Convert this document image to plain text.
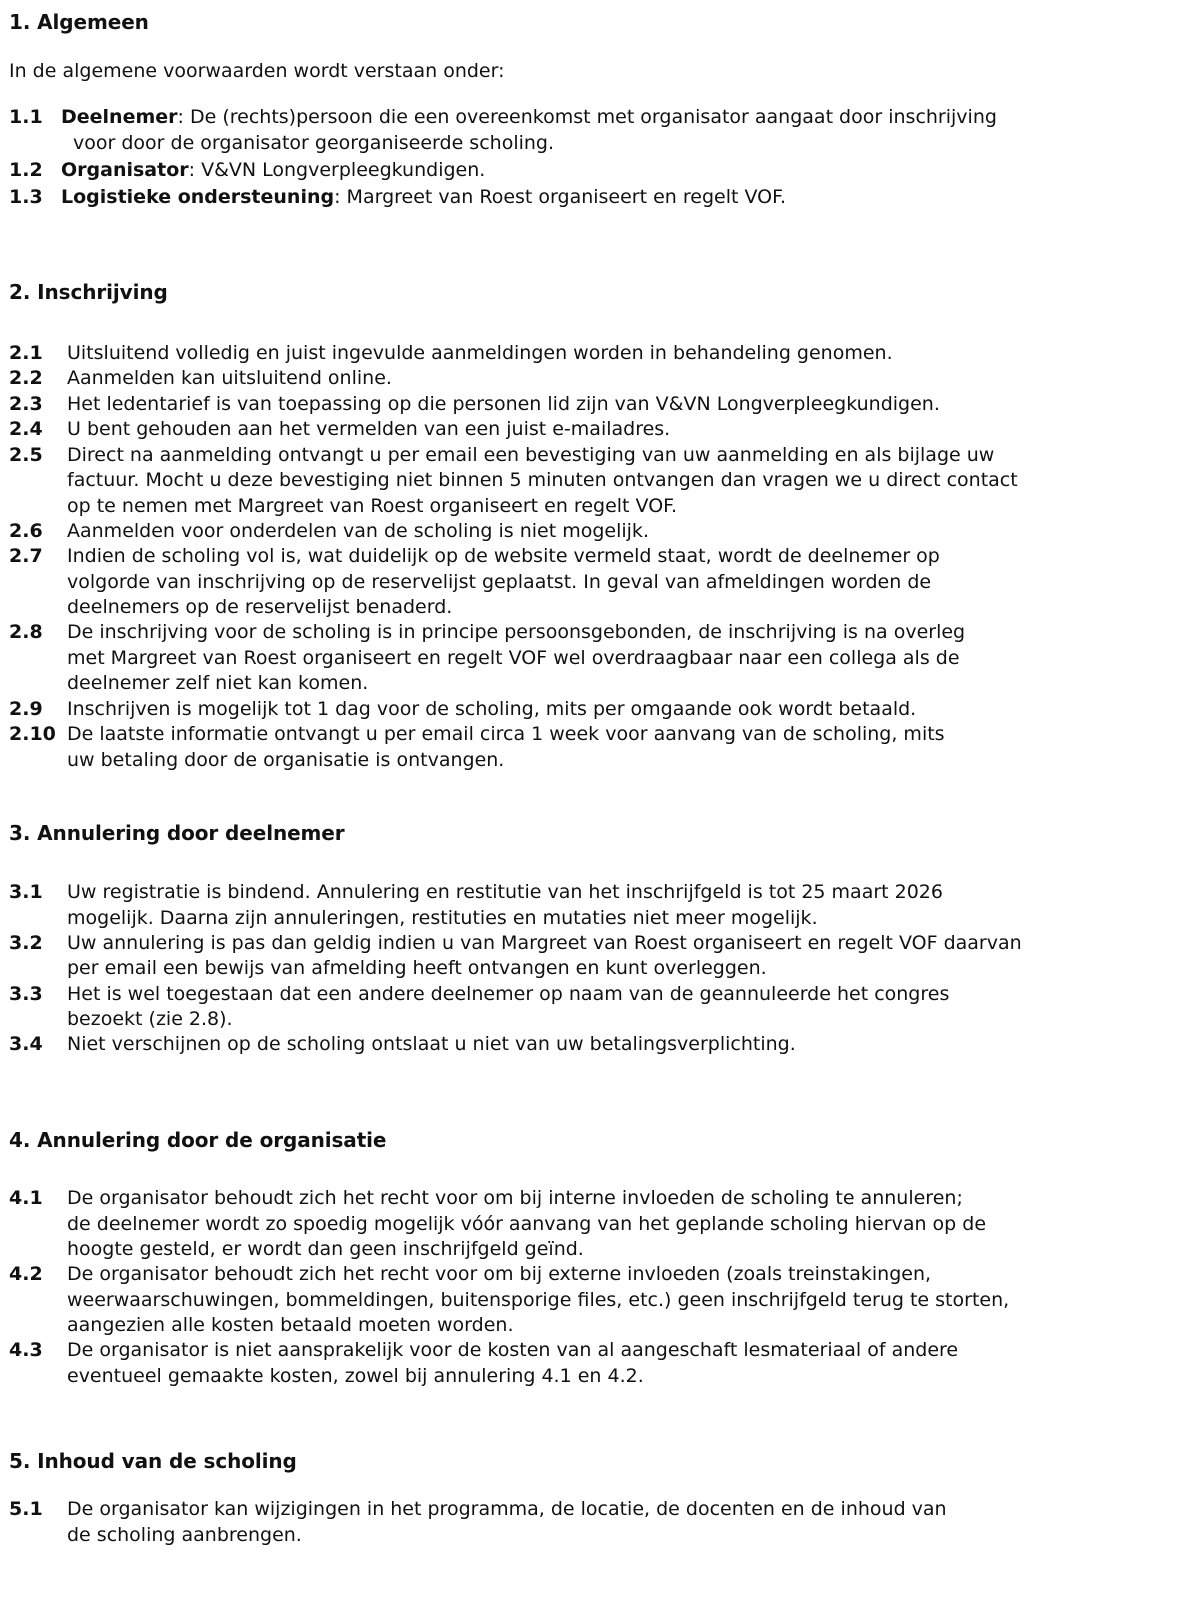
1. Algemeen
In de algemene voorwaarden wordt verstaan onder:
1.1 Deelnemer: De (rechts)persoon die een overeenkomst met organisator aangaat door inschrijving
voor door de organisator georganiseerde scholing.
1.2 Organisator: V&VN Longverpleegkundigen.
1.3 Logistieke ondersteuning: Margreet van Roest organiseert en regelt VOF.
2. Inschrijving
2.1 Uitsluitend volledig en juist ingevulde aanmeldingen worden in behandeling genomen.
2.2 Aanmelden kan uitsluitend online.
2.3 Het ledentarief is van toepassing op die personen lid zijn van V&VN Longverpleegkundigen.
2.4 U bent gehouden aan het vermelden van een juist e-mailadres.
2.5 Direct na aanmelding ontvangt u per email een bevestiging van uw aanmelding en als bijlage uw
factuur. Mocht u deze bevestiging niet binnen 5 minuten ontvangen dan vragen we u direct contact
op te nemen met Margreet van Roest organiseert en regelt VOF.
2.6 Aanmelden voor onderdelen van de scholing is niet mogelijk.
2.7 Indien de scholing vol is, wat duidelijk op de website vermeld staat, wordt de deelnemer op
volgorde van inschrijving op de reservelijst geplaatst. In geval van afmeldingen worden de
deelnemers op de reservelijst benaderd.
2.8 De inschrijving voor de scholing is in principe persoonsgebonden, de inschrijving is na overleg
met Margreet van Roest organiseert en regelt VOF wel overdraagbaar naar een collega als de
deelnemer zelf niet kan komen.
2.9 Inschrijven is mogelijk tot 1 dag voor de scholing, mits per omgaande ook wordt betaald.
2.10 De laatste informatie ontvangt u per email circa 1 week voor aanvang van de scholing, mits
uw betaling door de organisatie is ontvangen.
3. Annulering door deelnemer
3.1 Uw registratie is bindend. Annulering en restitutie van het inschrijfgeld is tot 25 maart 2026
mogelijk. Daarna zijn annuleringen, restituties en mutaties niet meer mogelijk.
3.2 Uw annulering is pas dan geldig indien u van Margreet van Roest organiseert en regelt VOF daarvan
per email een bewijs van afmelding heeft ontvangen en kunt overleggen.
3.3 Het is wel toegestaan dat een andere deelnemer op naam van de geannuleerde het congres
bezoekt (zie 2.8).
3.4 Niet verschijnen op de scholing ontslaat u niet van uw betalingsverplichting.
4. Annulering door de organisatie
4.1 De organisator behoudt zich het recht voor om bij interne invloeden de scholing te annuleren;
de deelnemer wordt zo spoedig mogelijk vóór aanvang van het geplande scholing hiervan op de
hoogte gesteld, er wordt dan geen inschrijfgeld geïnd.
4.2 De organisator behoudt zich het recht voor om bij externe invloeden (zoals treinstakingen,
weerwaarschuwingen, bommeldingen, buitensporige files, etc.) geen inschrijfgeld terug te storten,
aangezien alle kosten betaald moeten worden.
4.3 De organisator is niet aansprakelijk voor de kosten van al aangeschaft lesmateriaal of andere
eventueel gemaakte kosten, zowel bij annulering 4.1 en 4.2.
5. Inhoud van de scholing
5.1 De organisator kan wijzigingen in het programma, de locatie, de docenten en de inhoud van
de scholing aanbrengen.
